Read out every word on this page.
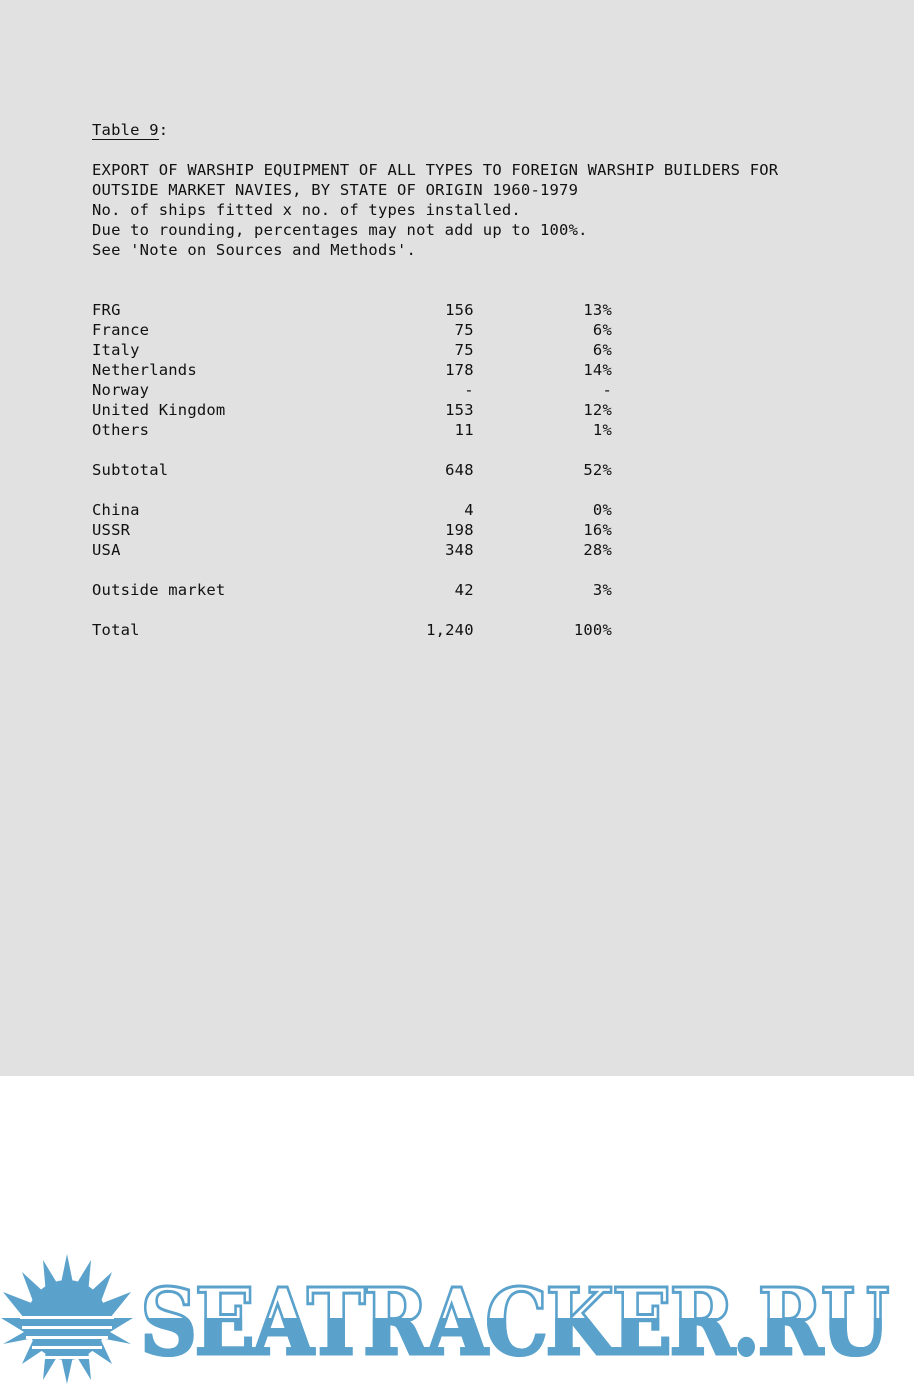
Table 9:
EXPORT OF WARSHIP EQUIPMENT OF ALL TYPES TO FOREIGN WARSHIP BUILDERS FOR
OUTSIDE MARKET NAVIES, BY STATE OF ORIGIN 1960-1979
No. of ships fitted x no. of types installed.
Due to rounding, percentages may not add up to 100%.
See 'Note on Sources and Methods'.
FRG	156	13%
France	75	6%
Italy	75	6%
Netherlands	178	14%
Norway	-	-
United Kingdom	153	12%
Others	11	1%

Subtotal	648	52%

China	4	0%
USSR	198	16%
USA	348	28%

Outside market	42	3%

Total	1,240	100%
SEATRACKER.RU
